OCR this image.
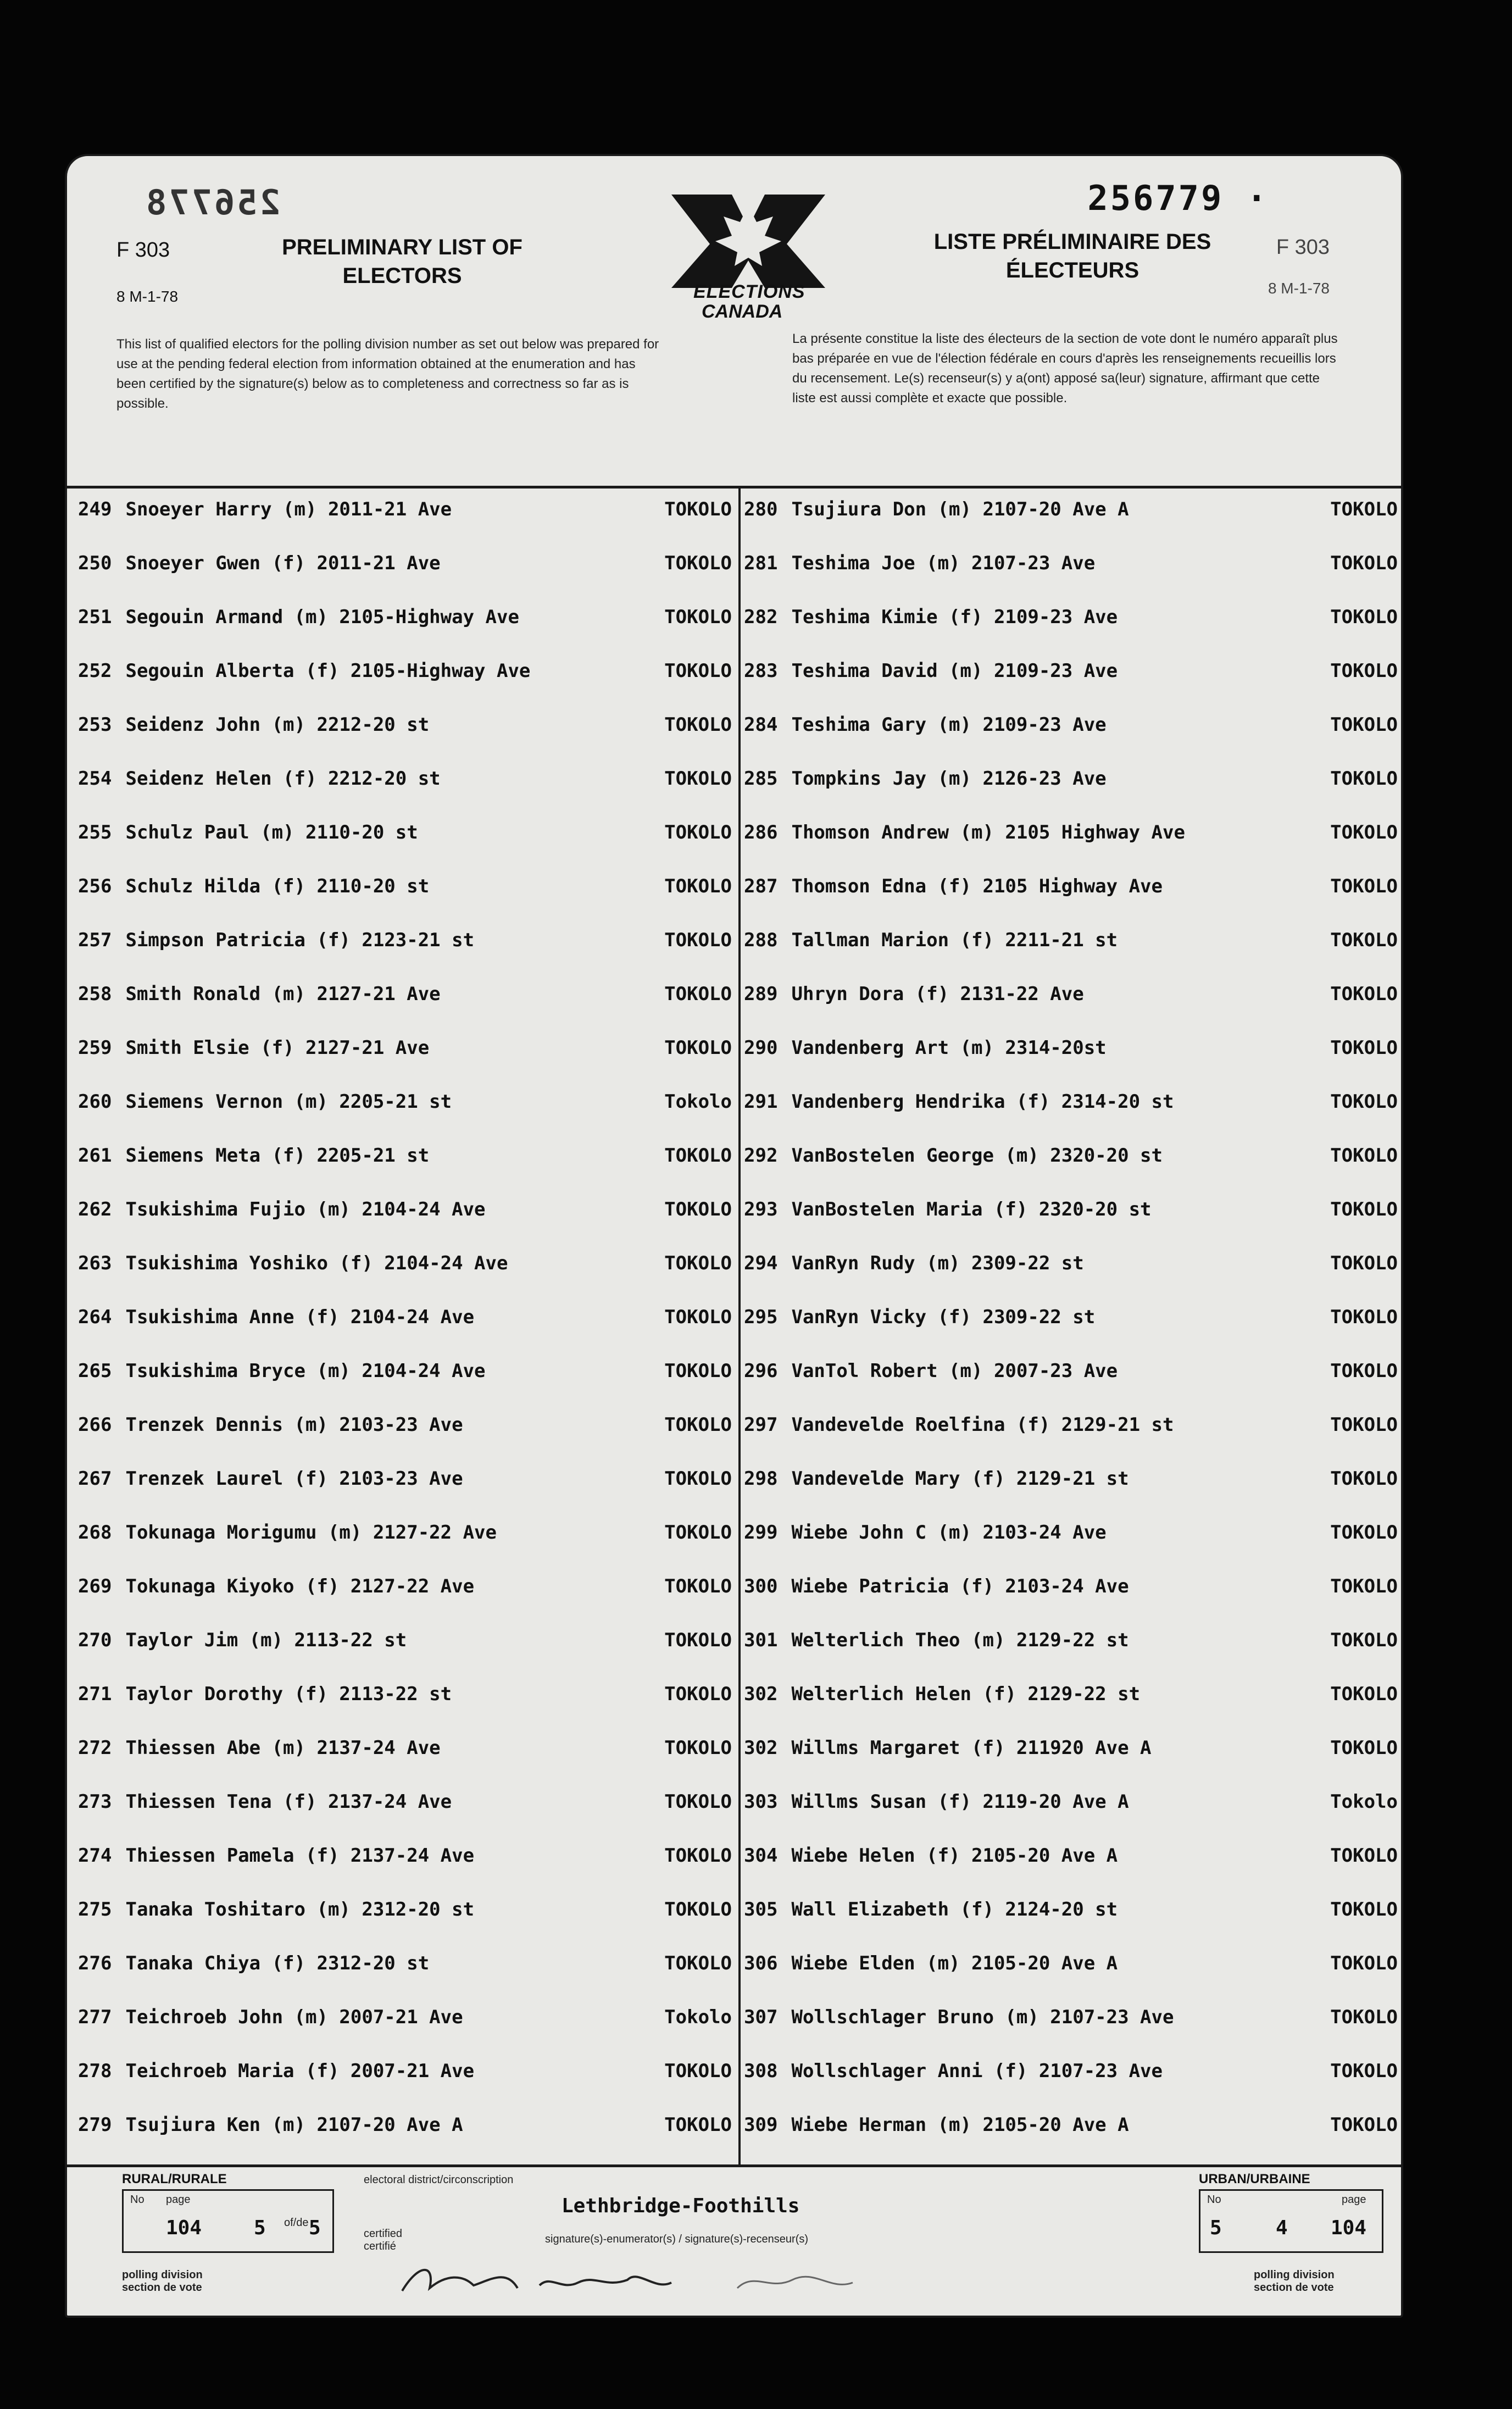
256778	256779 ·
F 303
8 M-1-78
F 303
8 M-1-78
PRELIMINARY LIST OF
ELECTORS
LISTE PRÉLIMINAIRE DES
ÉLECTEURS
ELECTIONS
CANADA
This list of qualified electors for the polling division number as set out below was prepared for use at the pending federal election from information obtained at the enumeration and has been certified by the signature(s) below as to completeness and correctness so far as is possible.
La présente constitue la liste des électeurs de la section de vote dont le numéro apparaît plus bas préparée en vue de l'élection fédérale en cours d'après les renseignements recueillis lors du recensement. Le(s) recenseur(s) y a(ont) apposé sa(leur) signature, affirmant que cette liste est aussi complète et exacte que possible.
249 Snoeyer Harry (m) 2011-21 Ave	TOKOLO
250 Snoeyer Gwen (f) 2011-21 Ave	TOKOLO
251 Segouin Armand (m) 2105-Highway Ave	TOKOLO
252 Segouin Alberta (f) 2105-Highway Ave	TOKOLO
253 Seidenz John (m) 2212-20 st	TOKOLO
254 Seidenz Helen (f) 2212-20 st	TOKOLO
255 Schulz Paul (m) 2110-20 st	TOKOLO
256 Schulz Hilda (f) 2110-20 st	TOKOLO
257 Simpson Patricia (f) 2123-21 st	TOKOLO
258 Smith Ronald (m) 2127-21 Ave	TOKOLO
259 Smith Elsie (f) 2127-21 Ave	TOKOLO
260 Siemens Vernon (m) 2205-21 st	Tokolo
261 Siemens Meta (f) 2205-21 st	TOKOLO
262 Tsukishima Fujio (m) 2104-24 Ave	TOKOLO
263 Tsukishima Yoshiko (f) 2104-24 Ave	TOKOLO
264 Tsukishima Anne (f) 2104-24 Ave	TOKOLO
265 Tsukishima Bryce (m) 2104-24 Ave	TOKOLO
266 Trenzek Dennis (m) 2103-23 Ave	TOKOLO
267 Trenzek Laurel (f) 2103-23 Ave	TOKOLO
268 Tokunaga Morigumu (m) 2127-22 Ave	TOKOLO
269 Tokunaga Kiyoko (f) 2127-22 Ave	TOKOLO
270 Taylor Jim (m) 2113-22 st	TOKOLO
271 Taylor Dorothy (f) 2113-22 st	TOKOLO
272 Thiessen Abe (m) 2137-24 Ave	TOKOLO
273 Thiessen Tena (f) 2137-24 Ave	TOKOLO
274 Thiessen Pamela (f) 2137-24 Ave	TOKOLO
275 Tanaka Toshitaro (m) 2312-20 st	TOKOLO
276 Tanaka Chiya (f) 2312-20 st	TOKOLO
277 Teichroeb John (m) 2007-21 Ave	Tokolo
278 Teichroeb Maria (f) 2007-21 Ave	TOKOLO
279 Tsujiura Ken (m) 2107-20 Ave A	TOKOLO
280 Tsujiura Don (m) 2107-20 Ave A	TOKOLO
281 Teshima Joe (m) 2107-23 Ave	TOKOLO
282 Teshima Kimie (f) 2109-23 Ave	TOKOLO
283 Teshima David (m) 2109-23 Ave	TOKOLO
284 Teshima Gary (m) 2109-23 Ave	TOKOLO
285 Tompkins Jay (m) 2126-23 Ave	TOKOLO
286 Thomson Andrew (m) 2105 Highway Ave	TOKOLO
287 Thomson Edna (f) 2105 Highway Ave	TOKOLO
288 Tallman Marion (f) 2211-21 st	TOKOLO
289 Uhryn Dora (f) 2131-22 Ave	TOKOLO
290 Vandenberg Art (m) 2314-20st	TOKOLO
291 Vandenberg Hendrika (f) 2314-20 st	TOKOLO
292 VanBostelen George (m) 2320-20 st	TOKOLO
293 VanBostelen Maria (f) 2320-20 st	TOKOLO
294 VanRyn Rudy (m) 2309-22 st	TOKOLO
295 VanRyn Vicky (f) 2309-22 st	TOKOLO
296 VanTol Robert (m) 2007-23 Ave	TOKOLO
297 Vandevelde Roelfina (f) 2129-21 st	TOKOLO
298 Vandevelde Mary (f) 2129-21 st	TOKOLO
299 Wiebe John C (m) 2103-24 Ave	TOKOLO
300 Wiebe Patricia (f) 2103-24 Ave	TOKOLO
301 Welterlich Theo (m) 2129-22 st	TOKOLO
302 Welterlich Helen (f) 2129-22 st	TOKOLO
302 Willms Margaret (f) 211920 Ave A	TOKOLO
303 Willms Susan (f) 2119-20 Ave A	Tokolo
304 Wiebe Helen (f) 2105-20 Ave A	TOKOLO
305 Wall Elizabeth (f) 2124-20 st	TOKOLO
306 Wiebe Elden (m) 2105-20 Ave A	TOKOLO
307 Wollschlager Bruno (m) 2107-23 Ave	TOKOLO
308 Wollschlager Anni (f) 2107-23 Ave	TOKOLO
309 Wiebe Herman (m) 2105-20 Ave A	TOKOLO
RURAL/RURALE	URBAN/URBAINE
No page
104	5 5
of/de
electoral district/circonscription
Lethbridge-Foothills
certified
certifié
signature(s)-enumerator(s) / signature(s)-recenseur(s)
No	page
5	4 104
polling division
section de vote
polling division
section de vote
